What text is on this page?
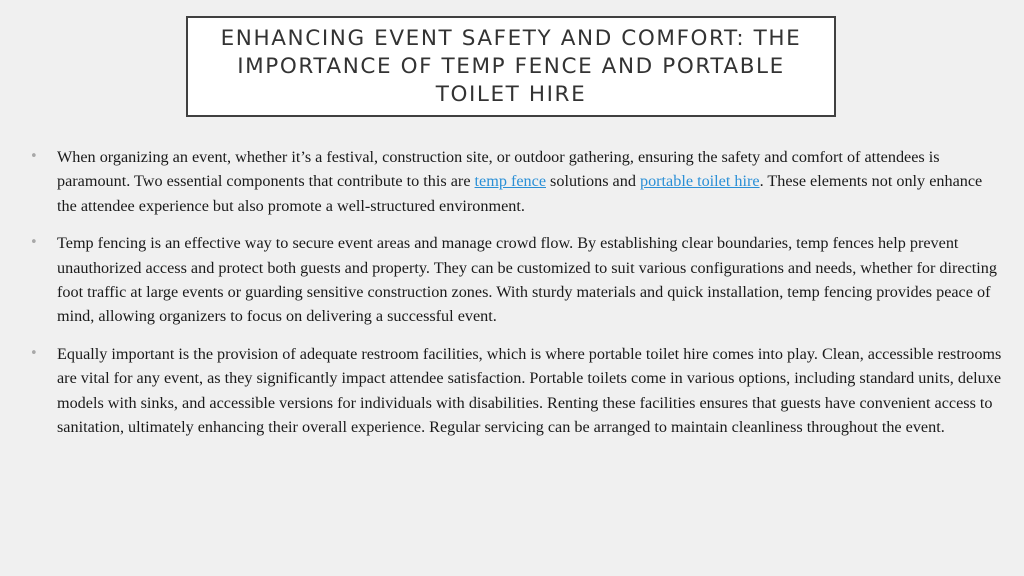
ENHANCING EVENT SAFETY AND COMFORT: THE IMPORTANCE OF TEMP FENCE AND PORTABLE TOILET HIRE
• When organizing an event, whether it’s a festival, construction site, or outdoor gathering, ensuring the safety and comfort of attendees is paramount. Two essential components that contribute to this are temp fence solutions and portable toilet hire. These elements not only enhance the attendee experience but also promote a well-structured environment.
• Temp fencing is an effective way to secure event areas and manage crowd flow. By establishing clear boundaries, temp fences help prevent unauthorized access and protect both guests and property. They can be customized to suit various configurations and needs, whether for directing foot traffic at large events or guarding sensitive construction zones. With sturdy materials and quick installation, temp fencing provides peace of mind, allowing organizers to focus on delivering a successful event.
• Equally important is the provision of adequate restroom facilities, which is where portable toilet hire comes into play. Clean, accessible restrooms are vital for any event, as they significantly impact attendee satisfaction. Portable toilets come in various options, including standard units, deluxe models with sinks, and accessible versions for individuals with disabilities. Renting these facilities ensures that guests have convenient access to sanitation, ultimately enhancing their overall experience. Regular servicing can be arranged to maintain cleanliness throughout the event.
